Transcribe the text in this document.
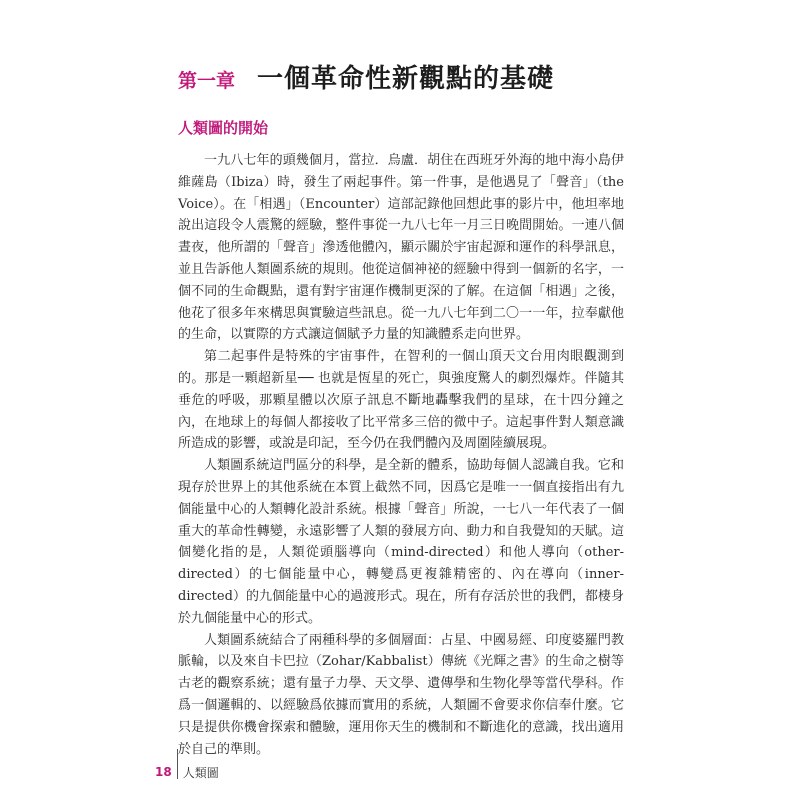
第一章 一個革命性新觀點的基礎
人類圖的開始

一九八七年的頭幾個月，當拉．烏盧．胡住在西班牙外海的地中海小島伊維薩島（Ibiza）時，發生了兩起事件。第一件事，是他遇見了「聲音」（the Voice）。在「相遇」（Encounter）這部記錄他回想此事的影片中，他坦率地說出這段令人震驚的經驗，整件事從一九八七年一月三日晚間開始。一連八個晝夜，他所謂的「聲音」滲透他體內，顯示關於宇宙起源和運作的科學訊息，並且告訴他人類圖系統的規則。他從這個神祕的經驗中得到一個新的名字，一個不同的生命觀點，還有對宇宙運作機制更深的了解。在這個「相遇」之後，他花了很多年來構思與實驗這些訊息。從一九八七年到二〇一一年，拉奉獻他的生命，以實際的方式讓這個賦予力量的知識體系走向世界。

第二起事件是特殊的宇宙事件，在智利的一個山頂天文台用肉眼觀測到的。那是一顆超新星── 也就是恆星的死亡，與強度驚人的劇烈爆炸。伴隨其垂危的呼吸，那顆星體以次原子訊息不斷地轟擊我們的星球，在十四分鐘之內，在地球上的每個人都接收了比平常多三倍的微中子。這起事件對人類意識所造成的影響，或說是印記，至今仍在我們體內及周圍陸續展現。

人類圖系統這門區分的科學，是全新的體系，協助每個人認識自我。它和現存於世界上的其他系統在本質上截然不同，因爲它是唯一一個直接指出有九個能量中心的人類轉化設計系統。根據「聲音」所說，一七八一年代表了一個重大的革命性轉變，永遠影響了人類的發展方向、動力和自我覺知的天賦。這個變化指的是，人類從頭腦導向（mind-directed）和他人導向（other-directed）的七個能量中心，轉變爲更複雜精密的、內在導向（inner-directed）的九個能量中心的過渡形式。現在，所有存活於世的我們，都棲身於九個能量中心的形式。

人類圖系統結合了兩種科學的多個層面：占星、中國易經、印度婆羅門教脈輪，以及來自卡巴拉（Zohar/Kabbalist）傳統《光輝之書》的生命之樹等古老的觀察系統；還有量子力學、天文學、遺傳學和生物化學等當代學科。作爲一個邏輯的、以經驗爲依據而實用的系統，人類圖不會要求你信奉什麼。它只是提供你機會探索和體驗，運用你天生的機制和不斷進化的意識，找出適用於自己的準則。

18 人類圖
